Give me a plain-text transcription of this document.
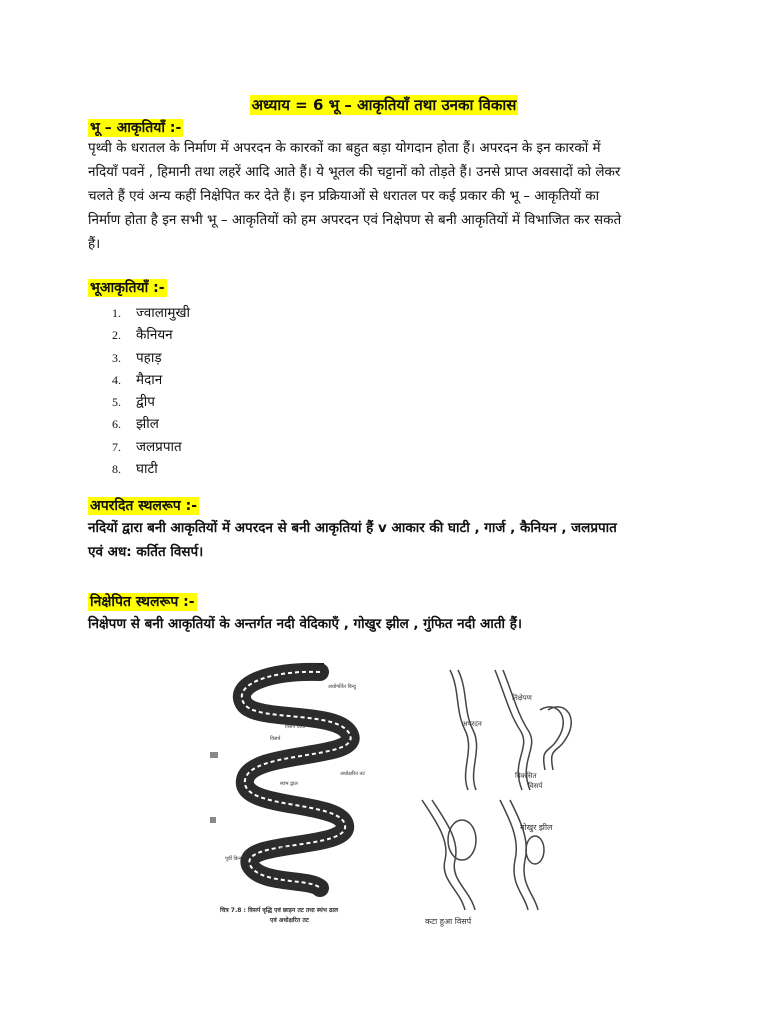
अध्याय = 6 भू – आकृतियाँ तथा उनका विकास
भू – आकृतियाँ :-
पृथ्वी के धरातल के निर्माण में अपरदन के कारकों का बहुत बड़ा योगदान होता हैं। अपरदन के इन कारकों में
नदियाँ पवनें , हिमानी तथा लहरें आदि आते हैं। ये भूतल की चट्टानों को तोड़ते हैं। उनसे प्राप्त अवसादों को लेकर
चलते हैं एवं अन्य कहीं निक्षेपित कर देते हैं। इन प्रक्रियाओं से धरातल पर कई प्रकार की भू – आकृतियों का
निर्माण होता है इन सभी भू – आकृतियों को हम अपरदन एवं निक्षेपण से बनी आकृतियों में विभाजित कर सकते
हैं।
भूआकृतियाँ :-
1. ज्वालामुखी
2. कैनियन
3. पहाड़
4. मैदान
5. द्वीप
6. झील
7. जलप्रपात
8. घाटी
अपरदित स्थलरूप :-
नदियों द्वारा बनी आकृतियों में अपरदन से बनी आकृतियां हैं v आकार की घाटी , गार्ज , कैनियन , जलप्रपात
एवं अध: कर्तित विसर्प।
निक्षेपित स्थलरूप :-
निक्षेपण से बनी आकृतियों के अन्तर्गत नदी वेदिकाएँ , गोखुर झील , गुंफित नदी आती हैं।
अधोगर्तित विन्दु
विसर्प ग्रीवा
विसर्प
अधोक्षरित तट
स्थंभ द्वाल
ढलवां तट
पूर्वी किनारा
पश्चिमी किनारा
चित्र 7.8 : विसर्प वृद्धि एवं छाड़न तट तथा स्थंभ ढाल
एवं अधोक्षरित तट
अपरदन
निक्षेपण
विकसित
विसर्प
गोखुर झील
कटा हुआ विसर्प
